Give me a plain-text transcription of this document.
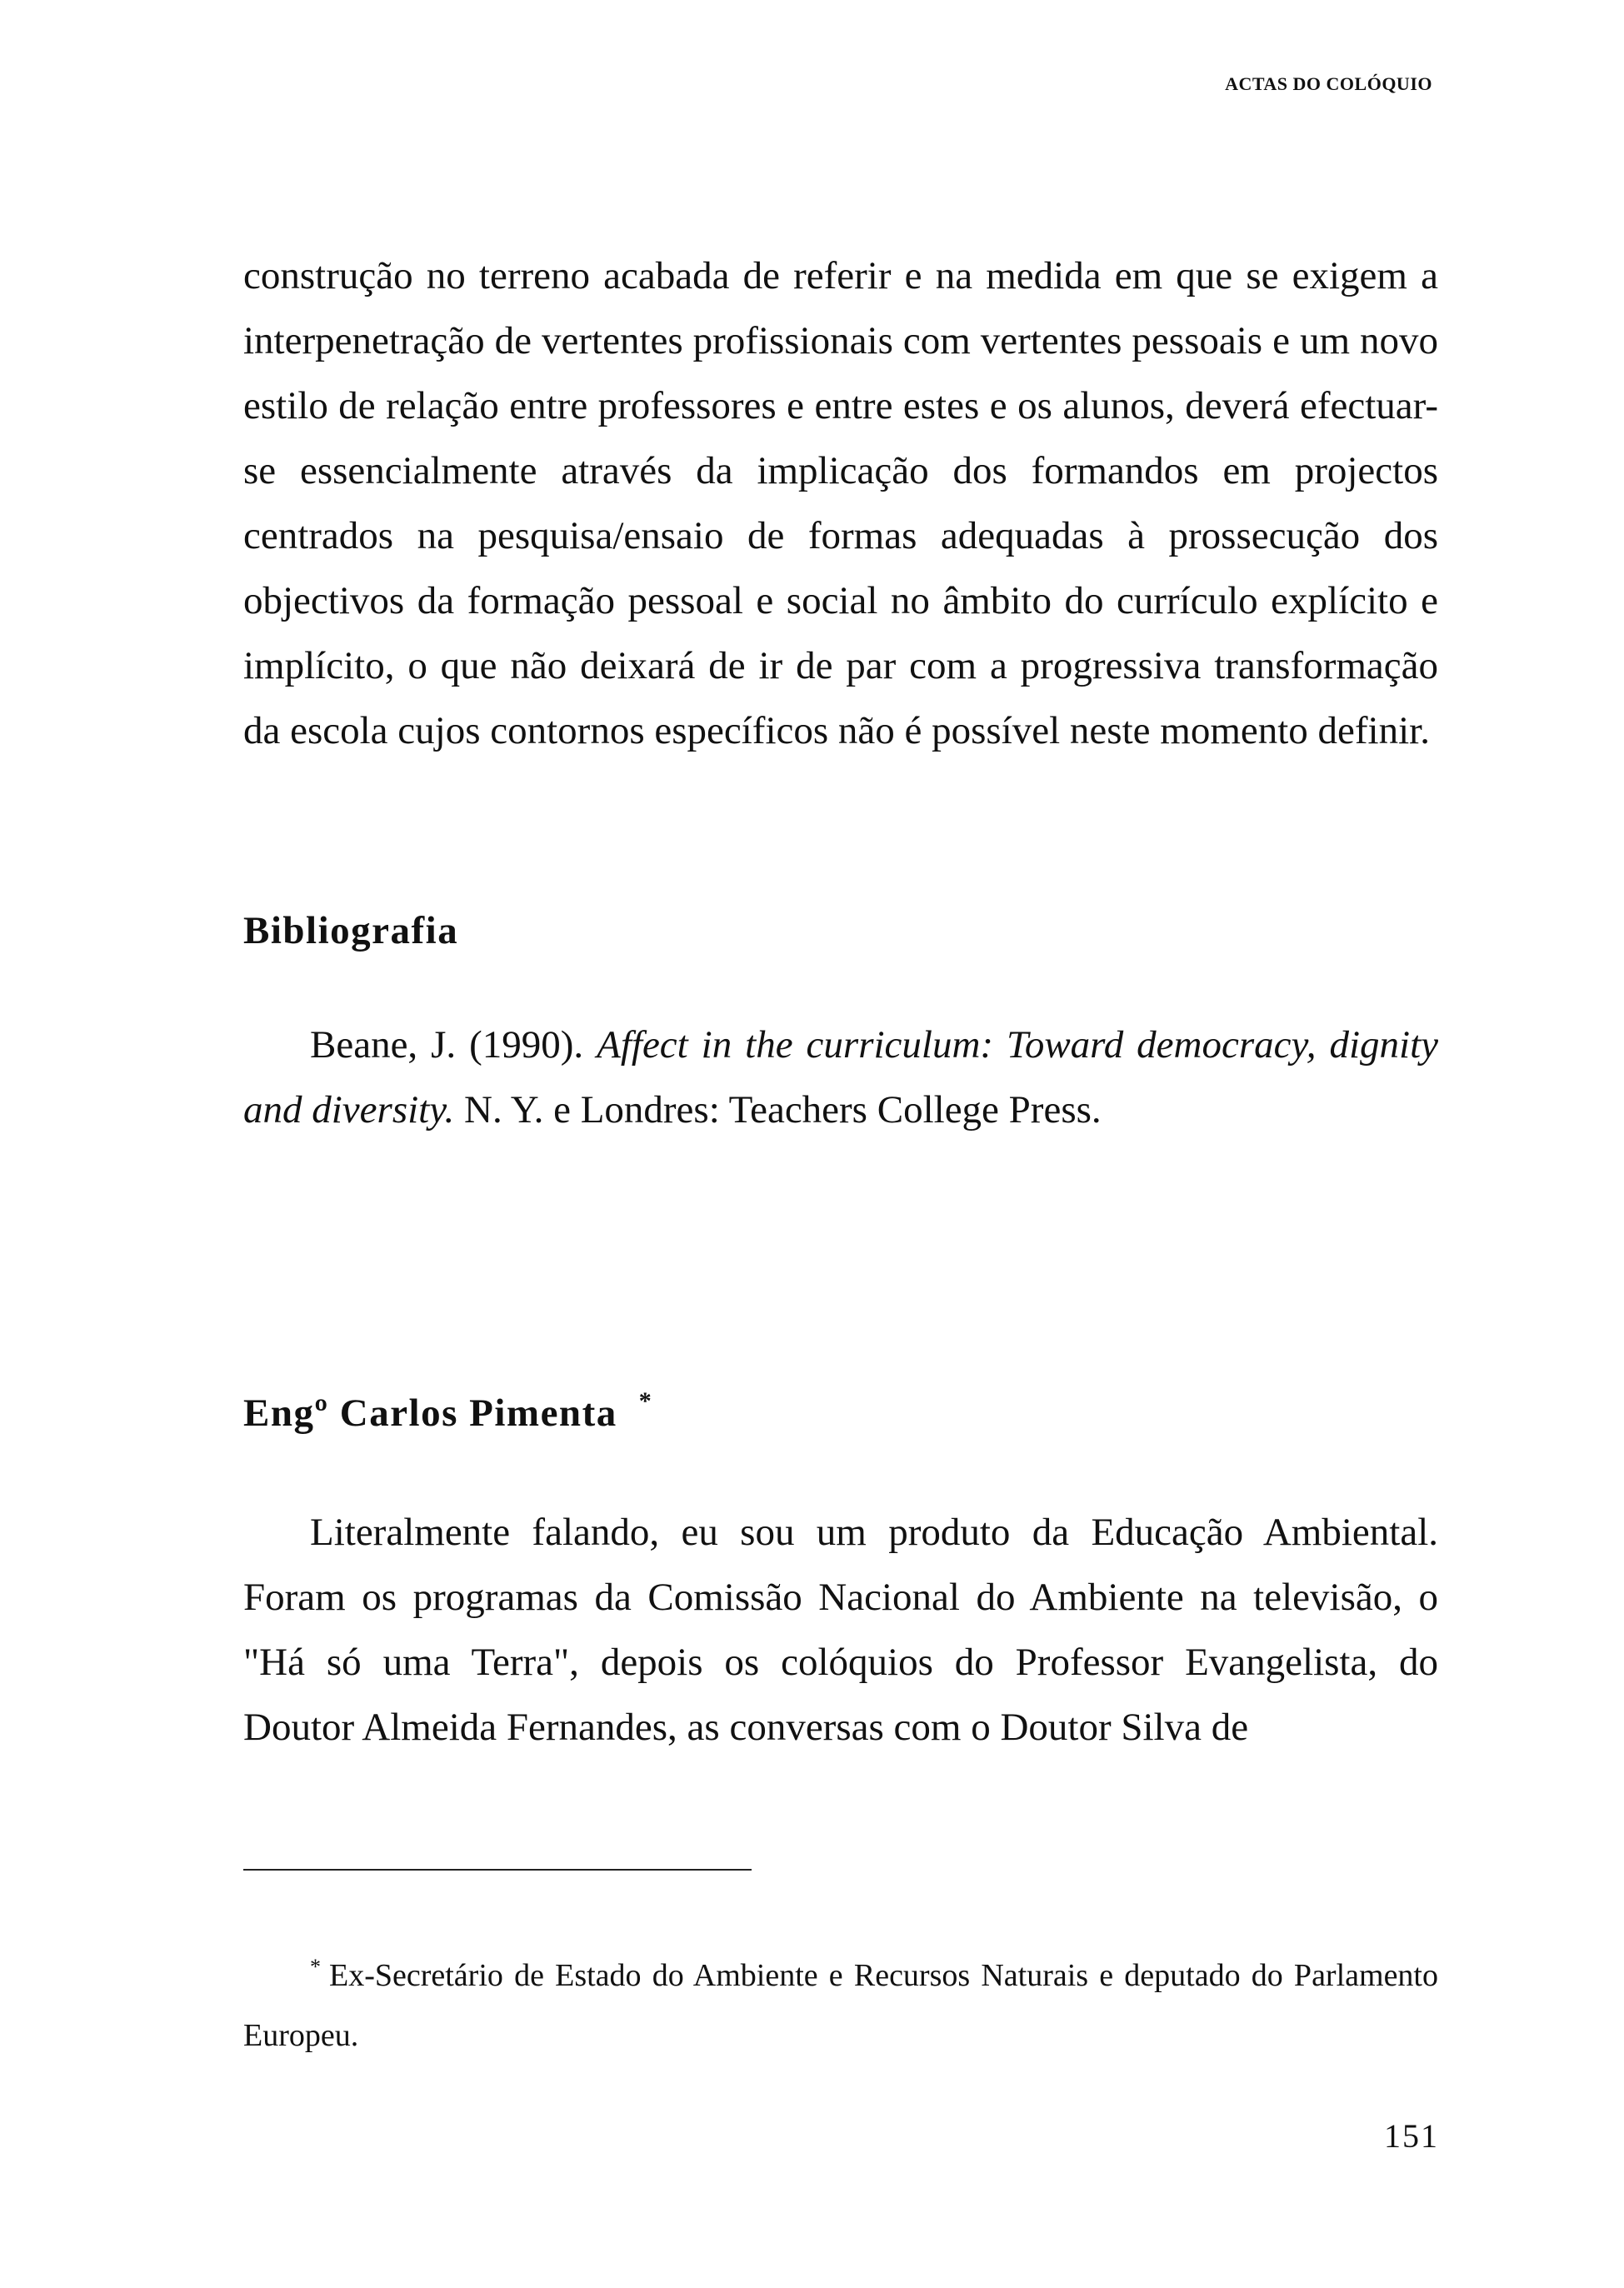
ACTAS DO COLÓQUIO

construção no terreno acabada de referir e na medida em que se exigem a interpenetração de vertentes profissionais com vertentes pessoais e um novo estilo de relação entre professores e entre estes e os alunos, deverá efectuar-se essencialmente através da implicação dos formandos em projectos centrados na pesquisa/ensaio de formas adequadas à prossecução dos objectivos da formação pessoal e social no âmbito do currículo explícito e implícito, o que não deixará de ir de par com a progressiva transformação da escola cujos contornos específicos não é possível neste momento definir.

Bibliografia

Beane, J. (1990). Affect in the curriculum: Toward democracy, dignity and diversity. N. Y. e Londres: Teachers College Press.

Engº Carlos Pimenta *

Literalmente falando, eu sou um produto da Educação Ambiental. Foram os programas da Comissão Nacional do Ambiente na televisão, o "Há só uma Terra", depois os colóquios do Professor Evangelista, do Doutor Almeida Fernandes, as conversas com o Doutor Silva de

* Ex-Secretário de Estado do Ambiente e Recursos Naturais e deputado do Parlamento Europeu.

151
